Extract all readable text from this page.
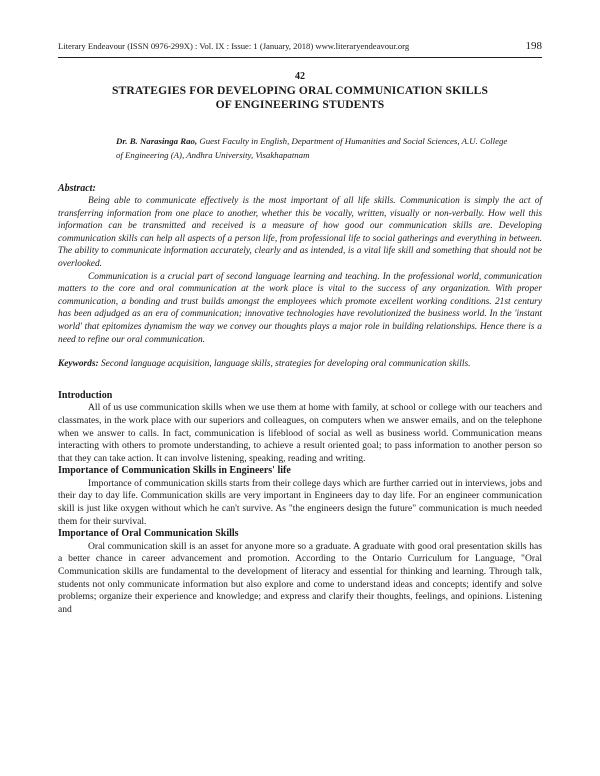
Literary Endeavour (ISSN 0976-299X) : Vol. IX : Issue: 1 (January, 2018) www.literaryendeavour.org	198
42
STRATEGIES FOR DEVELOPING ORAL COMMUNICATION SKILLS
OF ENGINEERING STUDENTS
Dr. B. Narasinga Rao, Guest Faculty in English, Department of Humanities and Social Sciences, A.U. College of Engineering (A), Andhra University, Visakhapatnam
Abstract:

Being able to communicate effectively is the most important of all life skills. Communication is simply the act of transferring information from one place to another, whether this be vocally, written, visually or non-verbally. How well this information can be transmitted and received is a measure of how good our communication skills are. Developing communication skills can help all aspects of a person life, from professional life to social gatherings and everything in between. The ability to communicate information accurately, clearly and as intended, is a vital life skill and something that should not be overlooked.

Communication is a crucial part of second language learning and teaching. In the professional world, communication matters to the core and oral communication at the work place is vital to the success of any organization. With proper communication, a bonding and trust builds amongst the employees which promote excellent working conditions. 21st century has been adjudged as an era of communication; innovative technologies have revolutionized the business world. In the 'instant world' that epitomizes dynamism the way we convey our thoughts plays a major role in building relationships. Hence there is a need to refine our oral communication.

Keywords: Second language acquisition, language skills, strategies for developing oral communication skills.
Introduction

All of us use communication skills when we use them at home with family, at school or college with our teachers and classmates, in the work place with our superiors and colleagues, on computers when we answer emails, and on the telephone when we answer to calls. In fact, communication is lifeblood of social as well as business world. Communication means interacting with others to promote understanding, to achieve a result oriented goal; to pass information to another person so that they can take action. It can involve listening, speaking, reading and writing.

Importance of Communication Skills in Engineers' life

Importance of communication skills starts from their college days which are further carried out in interviews, jobs and their day to day life. Communication skills are very important in Engineers day to day life. For an engineer communication skill is just like oxygen without which he can't survive. As "the engineers design the future" communication is much needed them for their survival.

Importance of Oral Communication Skills

Oral communication skill is an asset for anyone more so a graduate. A graduate with good oral presentation skills has a better chance in career advancement and promotion. According to the Ontario Curriculum for Language, "Oral Communication skills are fundamental to the development of literacy and essential for thinking and learning. Through talk, students not only communicate information but also explore and come to understand ideas and concepts; identify and solve problems; organize their experience and knowledge; and express and clarify their thoughts, feelings, and opinions. Listening and
